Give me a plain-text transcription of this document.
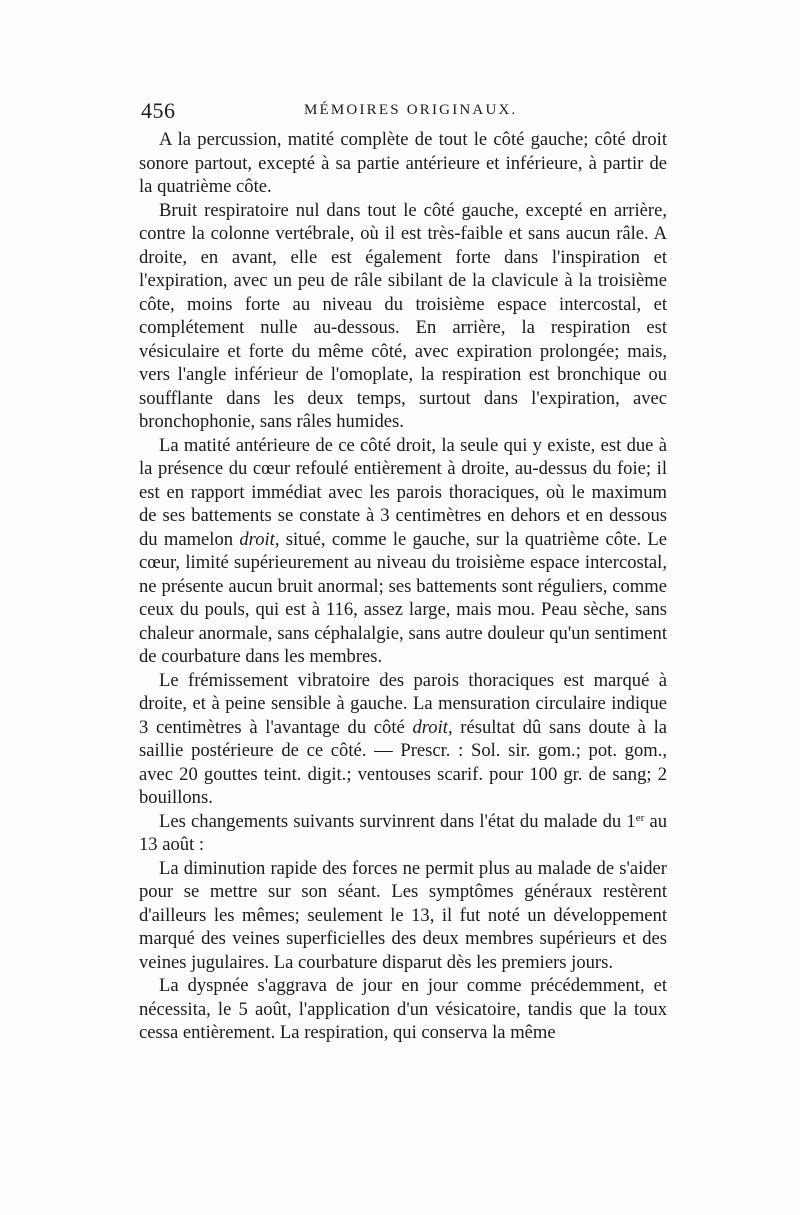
456	MÉMOIRES ORIGINAUX.

A la percussion, matité complète de tout le côté gauche; côté droit sonore partout, excepté à sa partie antérieure et inférieure, à partir de la quatrième côte.

Bruit respiratoire nul dans tout le côté gauche, excepté en arrière, contre la colonne vertébrale, où il est très-faible et sans aucun râle. A droite, en avant, elle est également forte dans l'inspiration et l'expiration, avec un peu de râle sibilant de la clavicule à la troisième côte, moins forte au niveau du troisième espace intercostal, et complétement nulle au-dessous. En arrière, la respiration est vésiculaire et forte du même côté, avec expiration prolongée; mais, vers l'angle inférieur de l'omoplate, la respiration est bronchique ou soufflante dans les deux temps, surtout dans l'expiration, avec bronchophonie, sans râles humides.

La matité antérieure de ce côté droit, la seule qui y existe, est due à la présence du cœur refoulé entièrement à droite, au-dessus du foie; il est en rapport immédiat avec les parois thoraciques, où le maximum de ses battements se constate à 3 centimètres en dehors et en dessous du mamelon droit, situé, comme le gauche, sur la quatrième côte. Le cœur, limité supérieurement au niveau du troisième espace intercostal, ne présente aucun bruit anormal; ses battements sont réguliers, comme ceux du pouls, qui est à 116, assez large, mais mou. Peau sèche, sans chaleur anormale, sans céphalalgie, sans autre douleur qu'un sentiment de courbature dans les membres.

Le frémissement vibratoire des parois thoraciques est marqué à droite, et à peine sensible à gauche. La mensuration circulaire indique 3 centimètres à l'avantage du côté droit, résultat dû sans doute à la saillie postérieure de ce côté. — Prescr. : Sol. sir. gom.; pot. gom., avec 20 gouttes teint. digit.; ventouses scarif. pour 100 gr. de sang; 2 bouillons.

Les changements suivants survinrent dans l'état du malade du 1er au 13 août :

La diminution rapide des forces ne permit plus au malade de s'aider pour se mettre sur son séant. Les symptômes généraux restèrent d'ailleurs les mêmes; seulement le 13, il fut noté un développement marqué des veines superficielles des deux membres supérieurs et des veines jugulaires. La courbature disparut dès les premiers jours.

La dyspnée s'aggrava de jour en jour comme précédemment, et nécessita, le 5 août, l'application d'un vésicatoire, tandis que la toux cessa entièrement. La respiration, qui conserva la même
